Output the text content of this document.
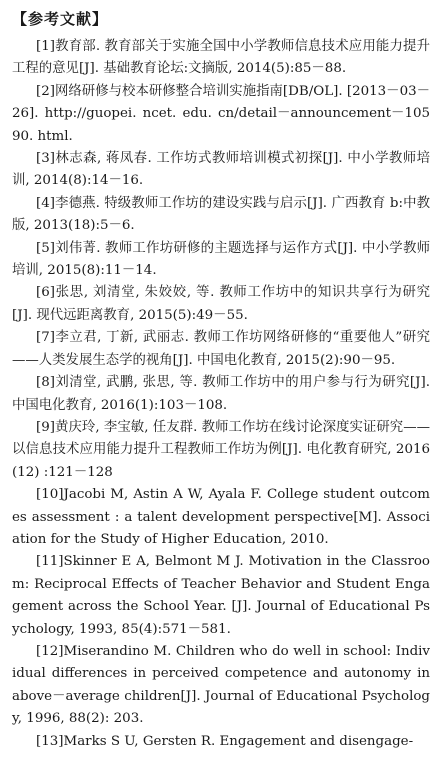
【参考文献】
[1]教育部. 教育部关于实施全国中小学教师信息技术应用能力提升工程的意见[J]. 基础教育论坛:文摘版, 2014(5):85－88.
[2]网络研修与校本研修整合培训实施指南[DB/OL]. [2013－03－26]. http://guopei. ncet. edu. cn/detail－announcement－10590. html.
[3]林志森, 蒋凤春. 工作坊式教师培训模式初探[J]. 中小学教师培训, 2014(8):14－16.
[4]李德燕. 特级教师工作坊的建设实践与启示[J]. 广西教育 b:中教版, 2013(18):5－6.
[5]刘伟菁. 教师工作坊研修的主题选择与运作方式[J]. 中小学教师培训, 2015(8):11－14.
[6]张思, 刘清堂, 朱姣姣, 等. 教师工作坊中的知识共享行为研究[J]. 现代远距离教育, 2015(5):49－55.
[7]李立君, 丁新, 武丽志. 教师工作坊网络研修的“重要他人”研究——人类发展生态学的视角[J]. 中国电化教育, 2015(2):90－95.
[8]刘清堂, 武鹏, 张思, 等. 教师工作坊中的用户参与行为研究[J]. 中国电化教育, 2016(1):103－108.
[9]黄庆玲, 李宝敏, 任友群. 教师工作坊在线讨论深度实证研究——以信息技术应用能力提升工程教师工作坊为例[J]. 电化教育研究, 2016(12) :121－128
[10]Jacobi M, Astin A W, Ayala F. College student outcomes assessment : a talent development perspective[M]. Association for the Study of Higher Education, 2010.
[11]Skinner E A, Belmont M J. Motivation in the Classroom: Reciprocal Effects of Teacher Behavior and Student Engagement across the School Year. [J]. Journal of Educational Psychology, 1993, 85(4):571－581.
[12]Miserandino M. Children who do well in school: Individual differences in perceived competence and autonomy in above－average children[J]. Journal of Educational Psychology, 1996, 88(2): 203.
[13]Marks S U, Gersten R. Engagement and disengage-
